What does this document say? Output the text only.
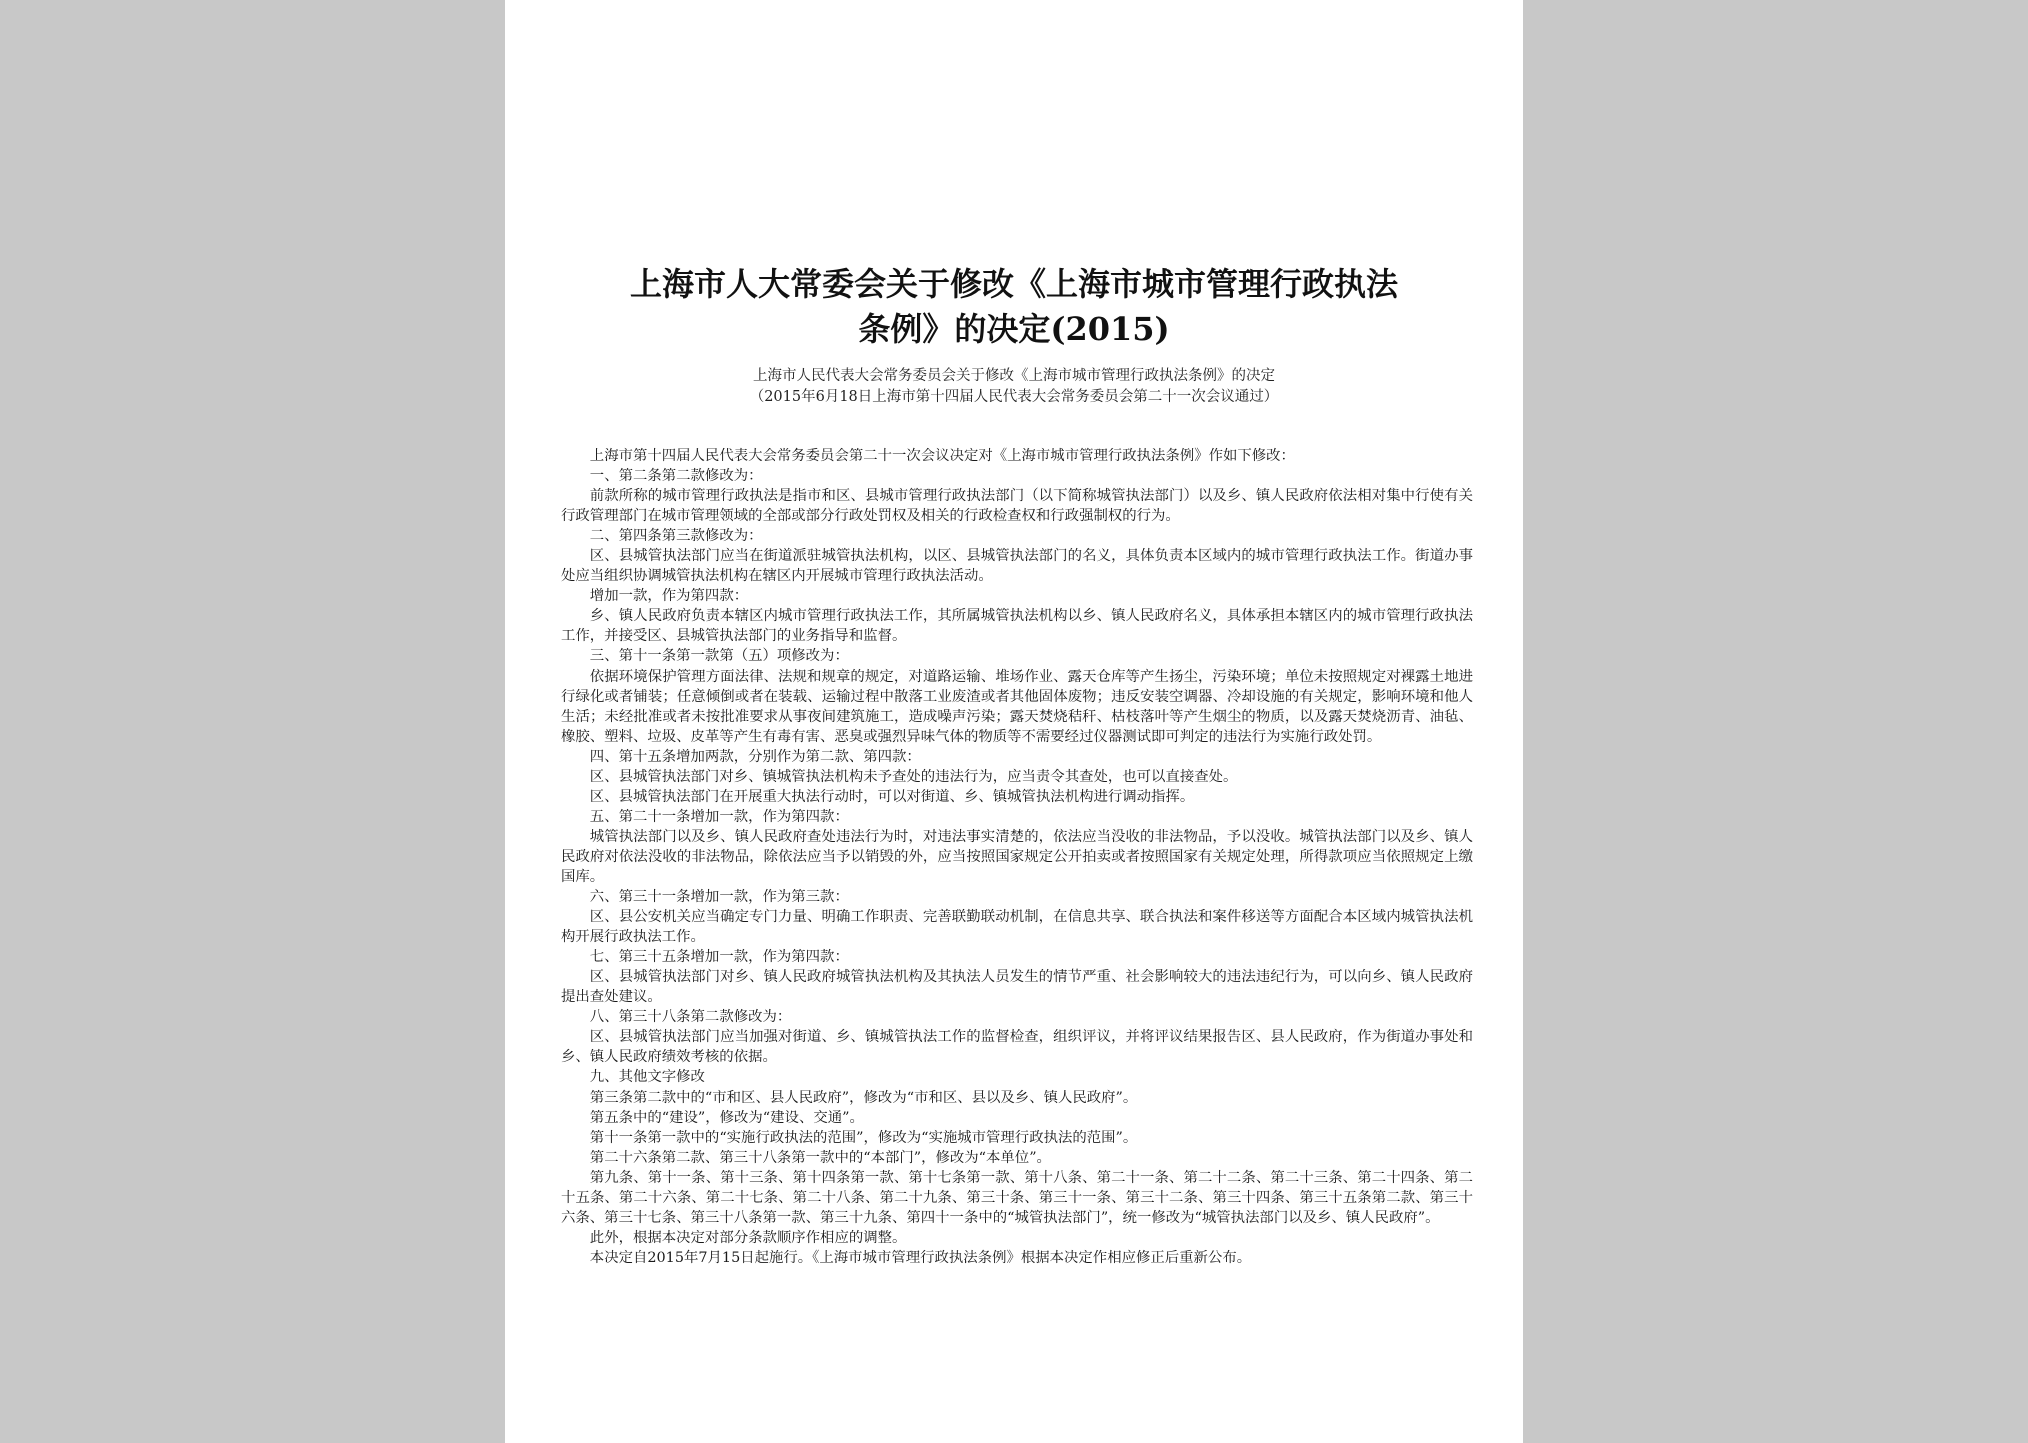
上海市人大常委会关于修改《上海市城市管理行政执法
条例》的决定(2015)
上海市人民代表大会常务委员会关于修改《上海市城市管理行政执法条例》的决定
（2015年6月18日上海市第十四届人民代表大会常务委员会第二十一次会议通过）

上海市第十四届人民代表大会常务委员会第二十一次会议决定对《上海市城市管理行政执法条例》作如下修改：

一、第二条第二款修改为：

前款所称的城市管理行政执法是指市和区、县城市管理行政执法部门（以下简称城管执法部门）以及乡、镇人民政府依法相对集中行使有关行政管理部门在城市管理领域的全部或部分行政处罚权及相关的行政检查权和行政强制权的行为。

二、第四条第三款修改为：

区、县城管执法部门应当在街道派驻城管执法机构，以区、县城管执法部门的名义，具体负责本区域内的城市管理行政执法工作。街道办事处应当组织协调城管执法机构在辖区内开展城市管理行政执法活动。

增加一款，作为第四款：

乡、镇人民政府负责本辖区内城市管理行政执法工作，其所属城管执法机构以乡、镇人民政府名义，具体承担本辖区内的城市管理行政执法工作，并接受区、县城管执法部门的业务指导和监督。

三、第十一条第一款第（五）项修改为：

依据环境保护管理方面法律、法规和规章的规定，对道路运输、堆场作业、露天仓库等产生扬尘，污染环境；单位未按照规定对裸露土地进行绿化或者铺装；任意倾倒或者在装载、运输过程中散落工业废渣或者其他固体废物；违反安装空调器、冷却设施的有关规定，影响环境和他人生活；未经批准或者未按批准要求从事夜间建筑施工，造成噪声污染；露天焚烧秸秆、枯枝落叶等产生烟尘的物质，以及露天焚烧沥青、油毡、橡胶、塑料、垃圾、皮革等产生有毒有害、恶臭或强烈异味气体的物质等不需要经过仪器测试即可判定的违法行为实施行政处罚。

四、第十五条增加两款，分别作为第二款、第四款：

区、县城管执法部门对乡、镇城管执法机构未予查处的违法行为，应当责令其查处，也可以直接查处。

区、县城管执法部门在开展重大执法行动时，可以对街道、乡、镇城管执法机构进行调动指挥。

五、第二十一条增加一款，作为第四款：

城管执法部门以及乡、镇人民政府查处违法行为时，对违法事实清楚的，依法应当没收的非法物品，予以没收。城管执法部门以及乡、镇人民政府对依法没收的非法物品，除依法应当予以销毁的外，应当按照国家规定公开拍卖或者按照国家有关规定处理，所得款项应当依照规定上缴国库。

六、第三十一条增加一款，作为第三款：

区、县公安机关应当确定专门力量、明确工作职责、完善联勤联动机制，在信息共享、联合执法和案件移送等方面配合本区域内城管执法机构开展行政执法工作。

七、第三十五条增加一款，作为第四款：

区、县城管执法部门对乡、镇人民政府城管执法机构及其执法人员发生的情节严重、社会影响较大的违法违纪行为，可以向乡、镇人民政府提出查处建议。

八、第三十八条第二款修改为：

区、县城管执法部门应当加强对街道、乡、镇城管执法工作的监督检查，组织评议，并将评议结果报告区、县人民政府，作为街道办事处和乡、镇人民政府绩效考核的依据。

九、其他文字修改

第三条第二款中的“市和区、县人民政府”，修改为“市和区、县以及乡、镇人民政府”。

第五条中的“建设”，修改为“建设、交通”。

第十一条第一款中的“实施行政执法的范围”，修改为“实施城市管理行政执法的范围”。

第二十六条第二款、第三十八条第一款中的“本部门”，修改为“本单位”。

第九条、第十一条、第十三条、第十四条第一款、第十七条第一款、第十八条、第二十一条、第二十二条、第二十三条、第二十四条、第二十五条、第二十六条、第二十七条、第二十八条、第二十九条、第三十条、第三十一条、第三十二条、第三十四条、第三十五条第二款、第三十六条、第三十七条、第三十八条第一款、第三十九条、第四十一条中的“城管执法部门”，统一修改为“城管执法部门以及乡、镇人民政府”。

此外，根据本决定对部分条款顺序作相应的调整。

本决定自2015年7月15日起施行。《上海市城市管理行政执法条例》根据本决定作相应修正后重新公布。
